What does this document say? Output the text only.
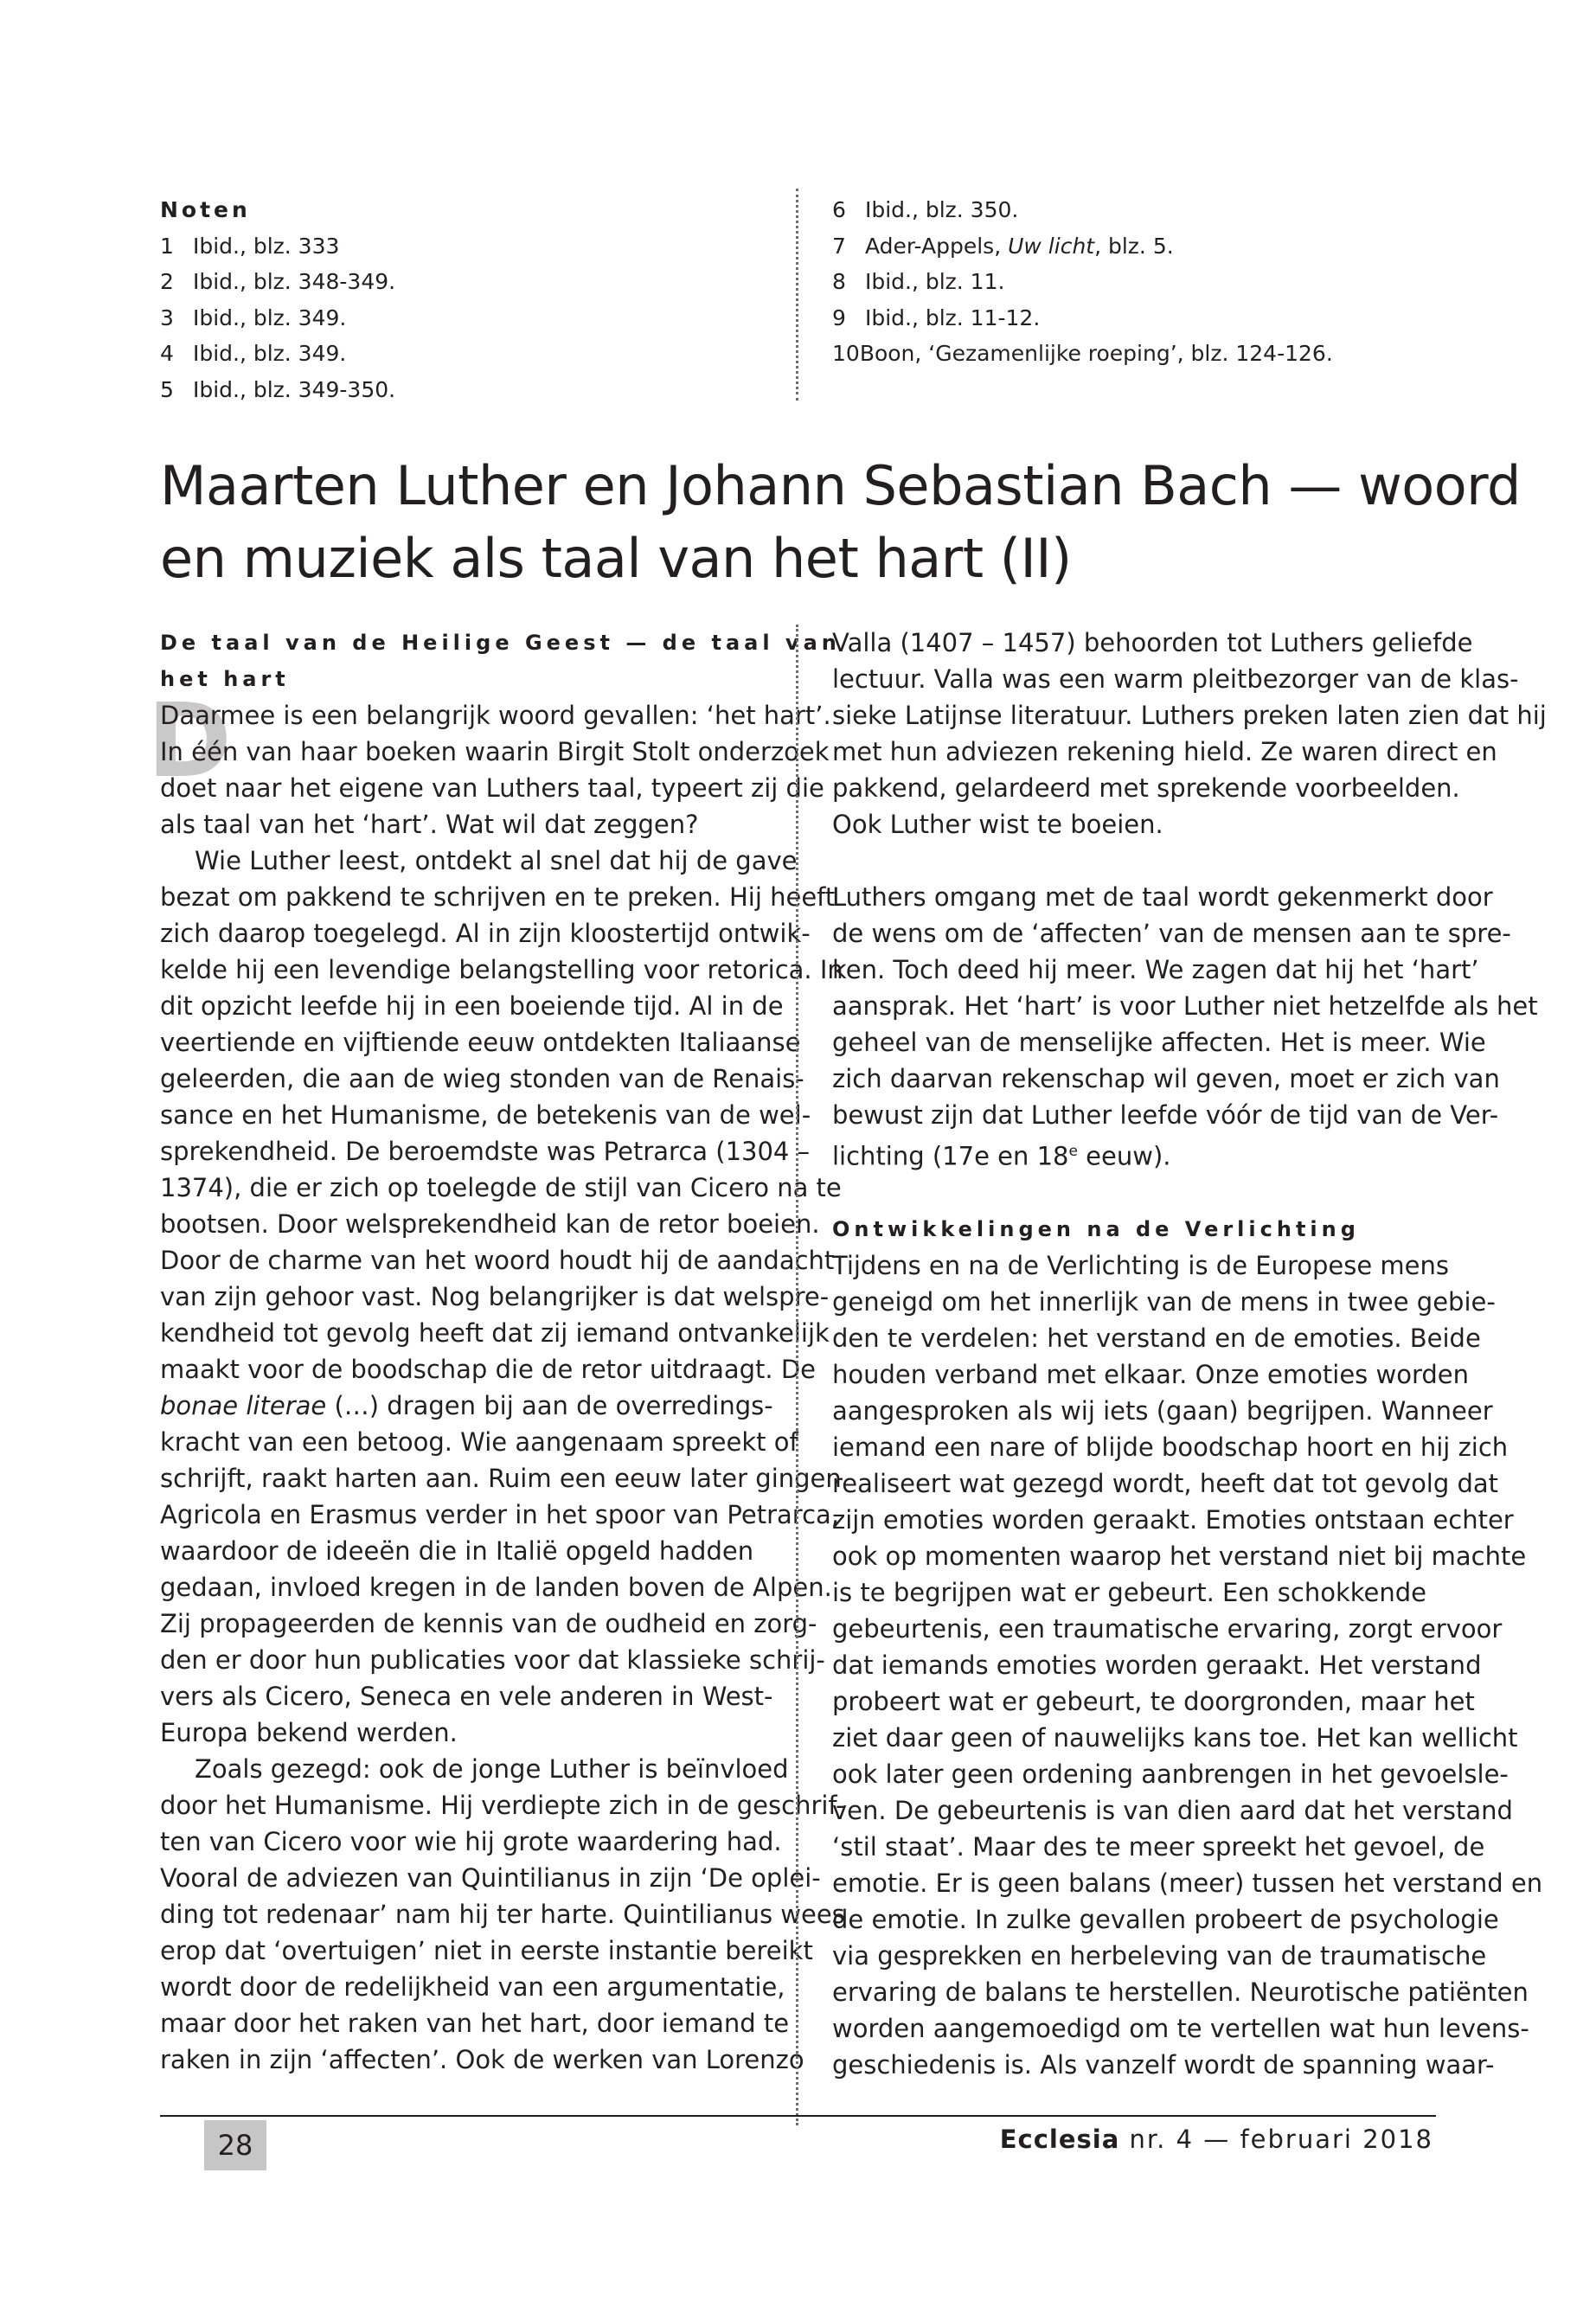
Noten
1 Ibid., blz. 333
2 Ibid., blz. 348-349.
3 Ibid., blz. 349.
4 Ibid., blz. 349.
5 Ibid., blz. 349-350.
6 Ibid., blz. 350.
7 Ader-Appels, Uw licht, blz. 5.
8 Ibid., blz. 11.
9 Ibid., blz. 11-12.
10Boon, ‘Gezamenlijke roeping’, blz. 124-126.
Maarten Luther en Johann Sebastian Bach — woord
en muziek als taal van het hart (II)
D
De taal van de Heilige Geest — de taal van
het hart
Daarmee is een belangrijk woord gevallen: ‘het hart’.
In één van haar boeken waarin Birgit Stolt onderzoek
doet naar het eigene van Luthers taal, typeert zij die
als taal van het ‘hart’. Wat wil dat zeggen?
Wie Luther leest, ontdekt al snel dat hij de gave
bezat om pakkend te schrijven en te preken. Hij heeft
zich daarop toegelegd. Al in zijn kloostertijd ontwik-
kelde hij een levendige belangstelling voor retorica. In
dit opzicht leefde hij in een boeiende tijd. Al in de
veertiende en vijftiende eeuw ontdekten Italiaanse
geleerden, die aan de wieg stonden van de Renais-
sance en het Humanisme, de betekenis van de wel-
sprekendheid. De beroemdste was Petrarca (1304 –
1374), die er zich op toelegde de stijl van Cicero na te
bootsen. Door welsprekendheid kan de retor boeien.
Door de charme van het woord houdt hij de aandacht
van zijn gehoor vast. Nog belangrijker is dat welspre-
kendheid tot gevolg heeft dat zij iemand ontvankelijk
maakt voor de boodschap die de retor uitdraagt. De
bonae literae (…) dragen bij aan de overredings-
kracht van een betoog. Wie aangenaam spreekt of
schrijft, raakt harten aan. Ruim een eeuw later gingen
Agricola en Erasmus verder in het spoor van Petrarca,
waardoor de ideeën die in Italië opgeld hadden
gedaan, invloed kregen in de landen boven de Alpen.
Zij propageerden de kennis van de oudheid en zorg-
den er door hun publicaties voor dat klassieke schrij-
vers als Cicero, Seneca en vele anderen in West-
Europa bekend werden.
Zoals gezegd: ook de jonge Luther is beïnvloed
door het Humanisme. Hij verdiepte zich in de geschrif-
ten van Cicero voor wie hij grote waardering had.
Vooral de adviezen van Quintilianus in zijn ‘De oplei-
ding tot redenaar’ nam hij ter harte. Quintilianus wees
erop dat ‘overtuigen’ niet in eerste instantie bereikt
wordt door de redelijkheid van een argumentatie,
maar door het raken van het hart, door iemand te
raken in zijn ‘affecten’. Ook de werken van Lorenzo
Valla (1407 – 1457) behoorden tot Luthers geliefde
lectuur. Valla was een warm pleitbezorger van de klas-
sieke Latijnse literatuur. Luthers preken laten zien dat hij
met hun adviezen rekening hield. Ze waren direct en
pakkend, gelardeerd met sprekende voorbeelden.
Ook Luther wist te boeien.
Luthers omgang met de taal wordt gekenmerkt door
de wens om de ‘affecten’ van de mensen aan te spre-
ken. Toch deed hij meer. We zagen dat hij het ‘hart’
aansprak. Het ‘hart’ is voor Luther niet hetzelfde als het
geheel van de menselijke affecten. Het is meer. Wie
zich daarvan rekenschap wil geven, moet er zich van
bewust zijn dat Luther leefde vóór de tijd van de Ver-
lichting (17e en 18e eeuw).
Ontwikkelingen na de Verlichting
Tijdens en na de Verlichting is de Europese mens
geneigd om het innerlijk van de mens in twee gebie-
den te verdelen: het verstand en de emoties. Beide
houden verband met elkaar. Onze emoties worden
aangesproken als wij iets (gaan) begrijpen. Wanneer
iemand een nare of blijde boodschap hoort en hij zich
realiseert wat gezegd wordt, heeft dat tot gevolg dat
zijn emoties worden geraakt. Emoties ontstaan echter
ook op momenten waarop het verstand niet bij machte
is te begrijpen wat er gebeurt. Een schokkende
gebeurtenis, een traumatische ervaring, zorgt ervoor
dat iemands emoties worden geraakt. Het verstand
probeert wat er gebeurt, te doorgronden, maar het
ziet daar geen of nauwelijks kans toe. Het kan wellicht
ook later geen ordening aanbrengen in het gevoelsle-
ven. De gebeurtenis is van dien aard dat het verstand
‘stil staat’. Maar des te meer spreekt het gevoel, de
emotie. Er is geen balans (meer) tussen het verstand en
de emotie. In zulke gevallen probeert de psychologie
via gesprekken en herbeleving van de traumatische
ervaring de balans te herstellen. Neurotische patiënten
worden aangemoedigd om te vertellen wat hun levens-
geschiedenis is. Als vanzelf wordt de spanning waar-
28	Ecclesia nr. 4 — februari 2018
